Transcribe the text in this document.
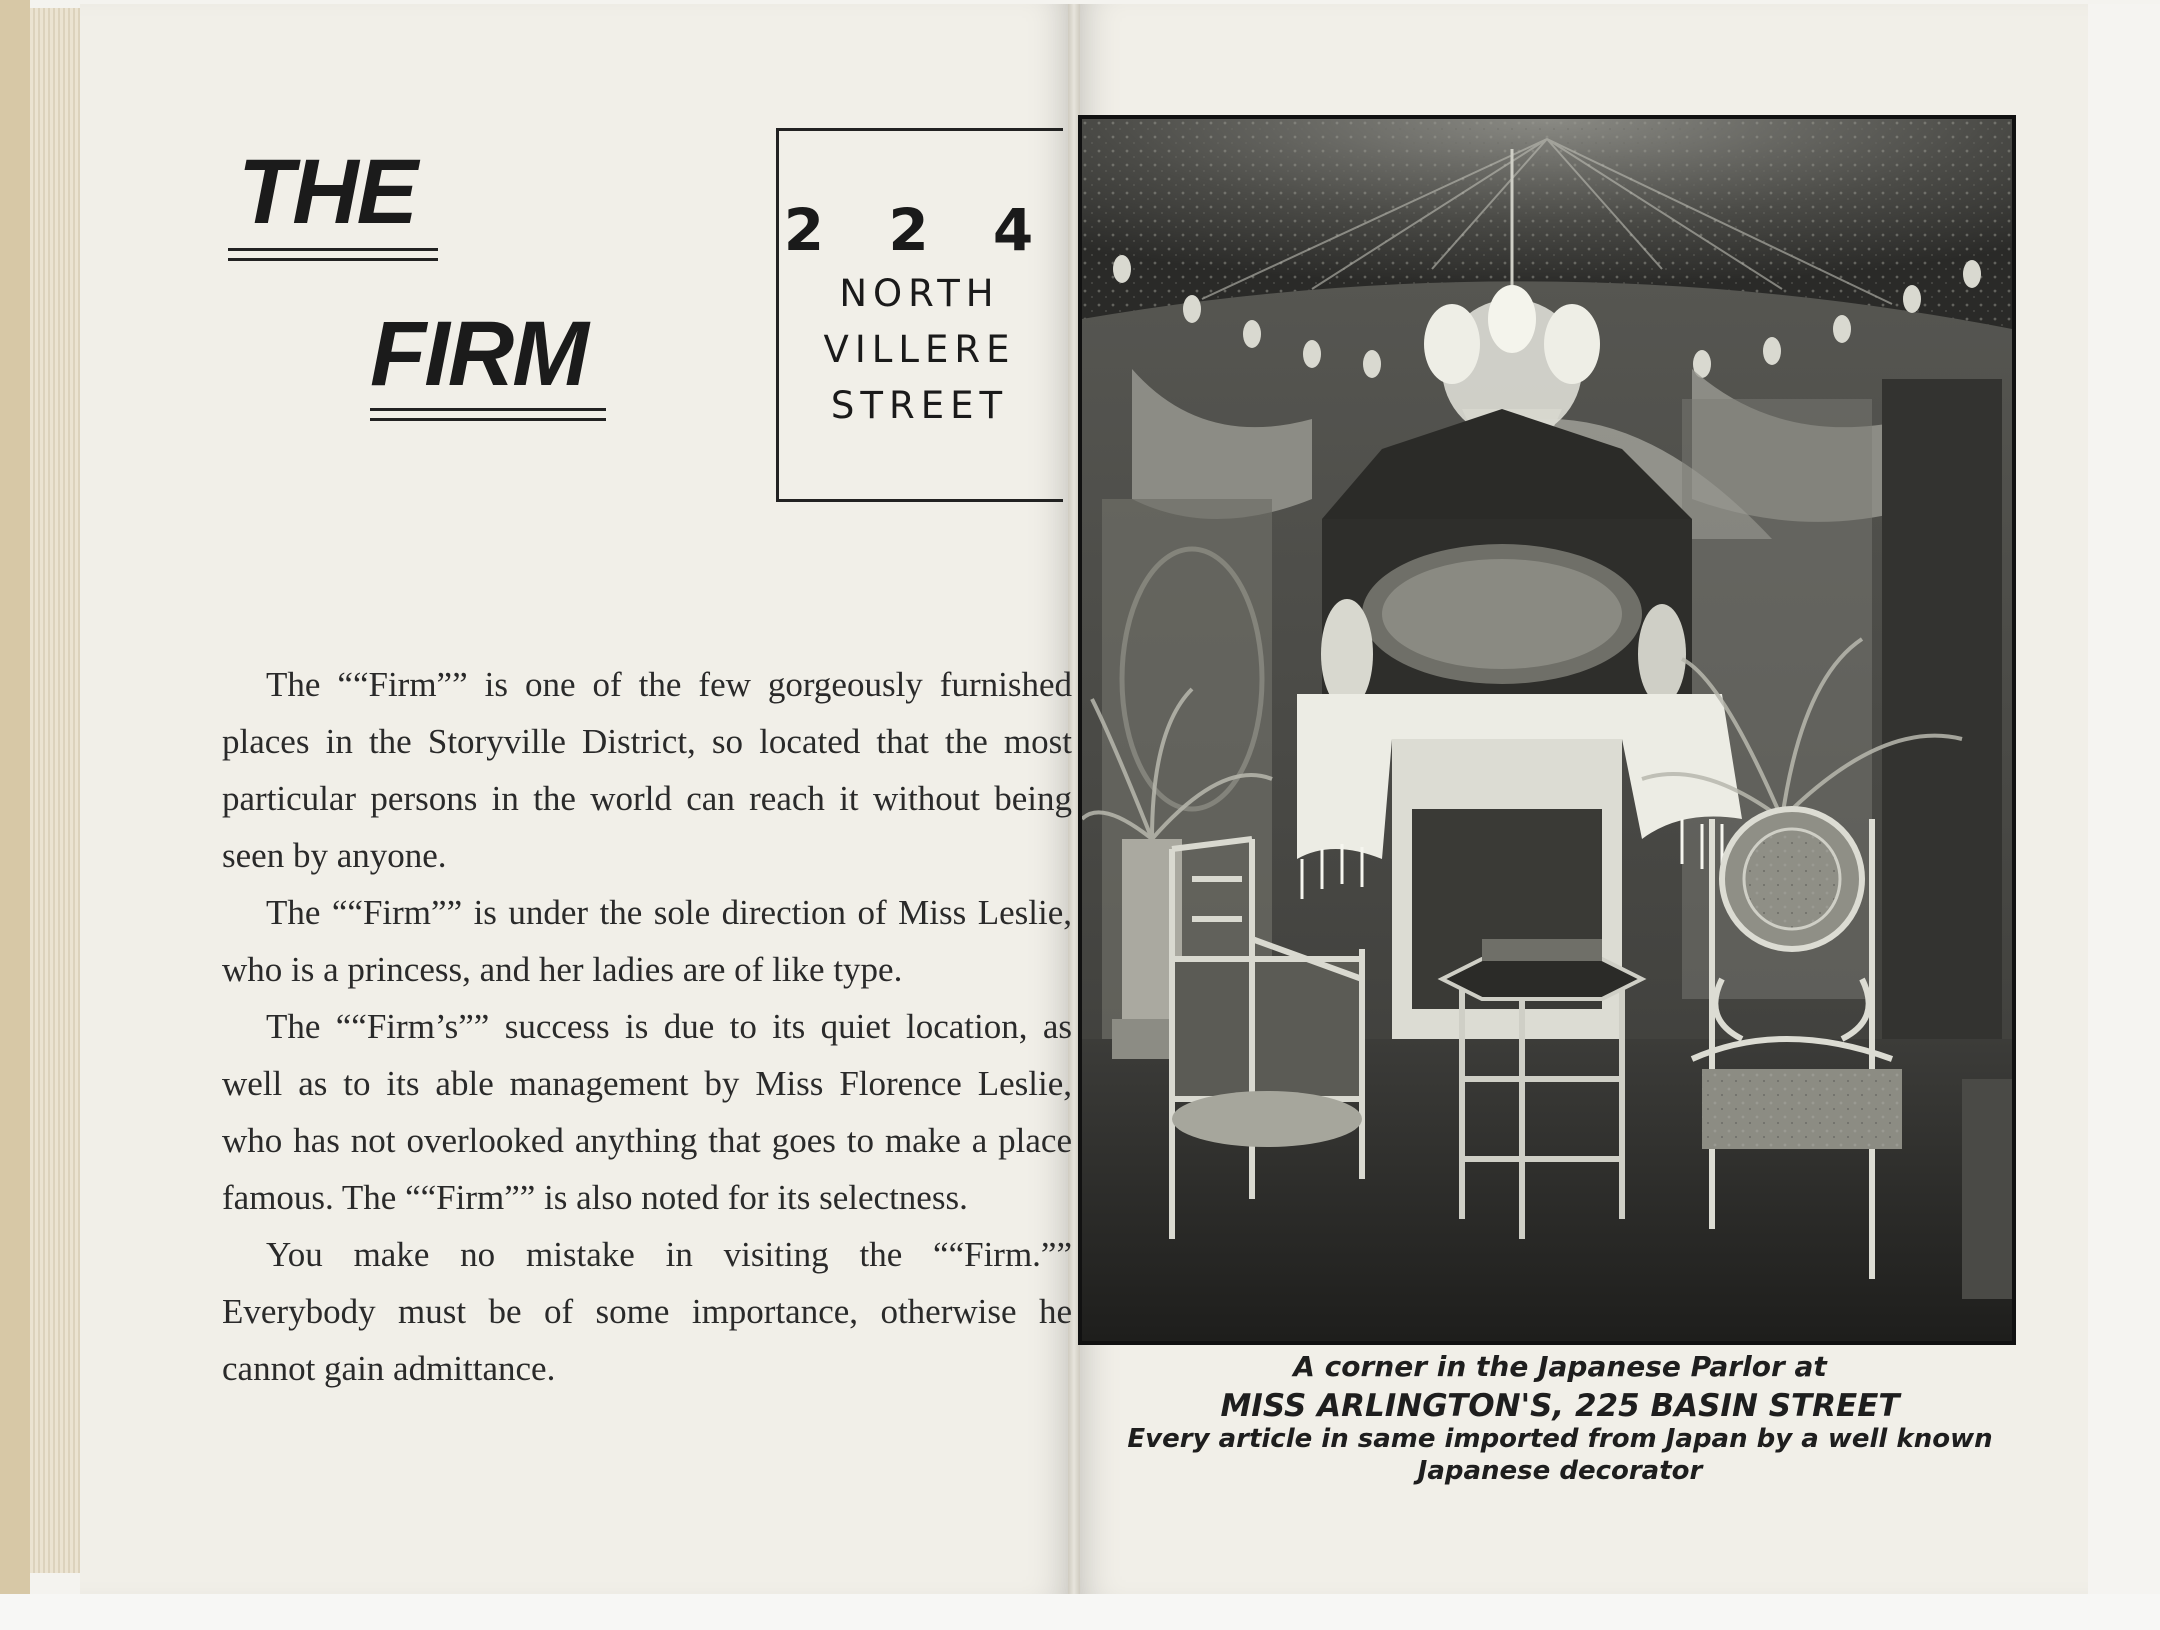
THE
FIRM
2 2 4
NORTH
VILLERE
STREET

The ““Firm”” is one of the few gorgeously furnished places in the Storyville District, so located that the most particular persons in the world can reach it without being seen by anyone.

The ““Firm”” is under the sole direction of Miss Leslie, who is a princess, and her ladies are of like type.

The ““Firm’s”” success is due to its quiet location, as well as to its able management by Miss Florence Leslie, who has not overlooked anything that goes to make a place famous. The ““Firm”” is also noted for its selectness.

You make no mistake in visiting the ““Firm.”” Everybody must be of some importance, otherwise he cannot gain admittance.	A corner in the Japanese Parlor at
MISS ARLINGTON'S, 225 BASIN STREET
Every article in same imported from Japan by a well known
Japanese decorator
